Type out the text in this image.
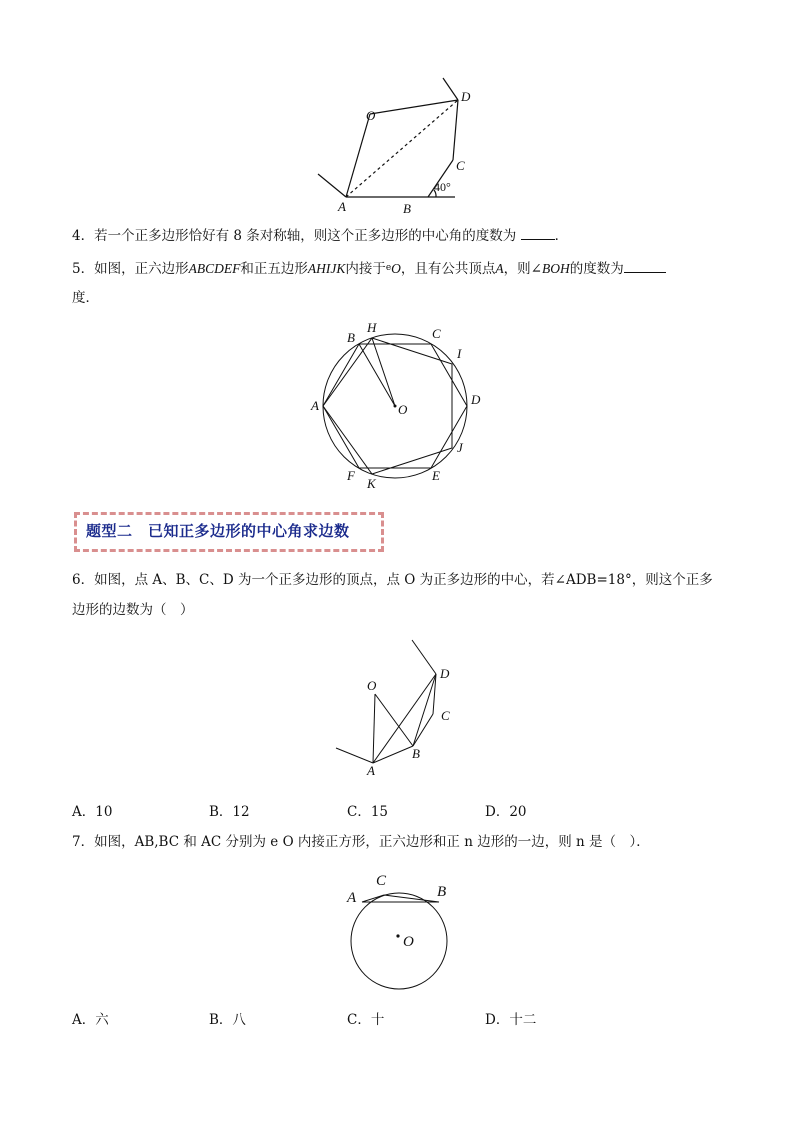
O
D
C
A	B
40°
4．若一个正多边形恰好有 8 条对称轴，则这个正多边形的中心角的度数为	．
5．如图，正六边形ABCDEF和正五边形AHIJK内接于$^e$O，且有公共顶点A，则∠BOH的度数为
度．
B
H	C
I
A	O
D
J
F
K
E
题型二　已知正多边形的中心角求边数
6．如图，点 A、B、C、D 为一个正多边形的顶点，点 O 为正多边形的中心，若∠ADB=18°，则这个正多
边形的边数为（　）
O
D
C
B
A
A．10	B．12	C．15	D．20
7．如图，AB,BC 和 AC 分别为 e O 内接正方形，正六边形和正 n 边形的一边，则 n 是（　）．
A
C
B
O
A．六	B．八	C．十	D．十二
